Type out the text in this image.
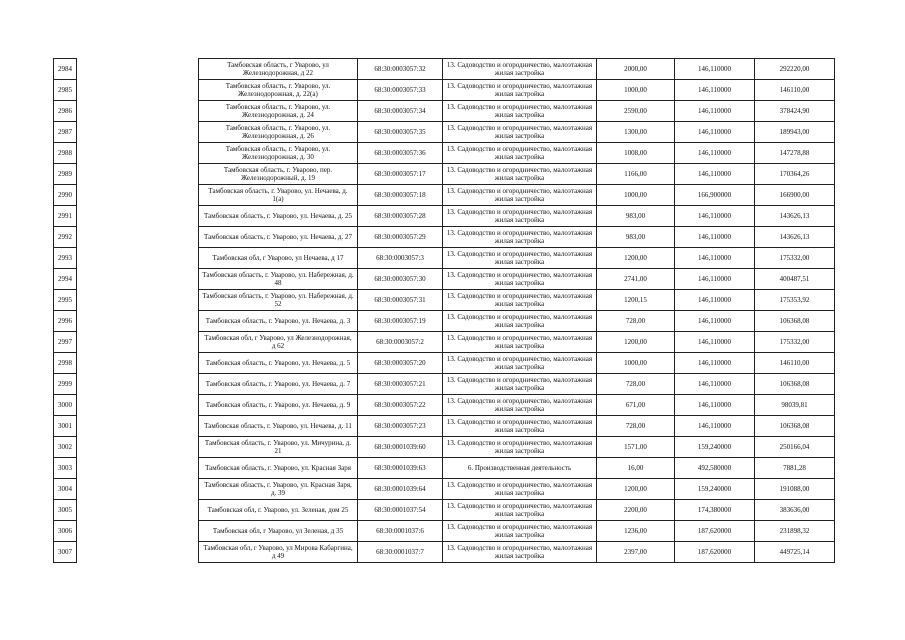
2984		Тамбовская область, г Уварово, ул Железнодорожная, д 22	68:30:0003057:32	13. Садоводство и огородничество, малоэтажная жилая застройка	2000,00	146,110000	292220,00
2985		Тамбовская область, г. Уварово, ул. Железнодорожная, д. 22(а)	68:30:0003057:33	13. Садоводство и огородничество, малоэтажная жилая застройка	1000,00	146,110000	146110,00
2986		Тамбовская область, г. Уварово, ул. Железнодорожная, д. 24	68:30:0003057:34	13. Садоводство и огородничество, малоэтажная жилая застройка	2590,00	146,110000	378424,90
2987		Тамбовская область, г. Уварово, ул. Железнодорожная, д. 26	68:30:0003057:35	13. Садоводство и огородничество, малоэтажная жилая застройка	1300,00	146,110000	189943,00
2988		Тамбовская область, г. Уварово, ул. Железнодорожная, д. 30	68:30:0003057:36	13. Садоводство и огородничество, малоэтажная жилая застройка	1008,00	146,110000	147278,88
2989		Тамбовская область, г. Уварово, пер. Железнодорожный, д. 19	68:30:0003057:17	13. Садоводство и огородничество, малоэтажная жилая застройка	1166,00	146,110000	170364,26
2990		Тамбовская область, г. Уварово, ул. Нечаева, д. 1(а)	68:30:0003057:18	13. Садоводство и огородничество, малоэтажная жилая застройка	1000,00	166,900000	166900,00
2991		Тамбовская область, г. Уварово, ул. Нечаева, д. 25	68:30:0003057:28	13. Садоводство и огородничество, малоэтажная жилая застройка	983,00	146,110000	143626,13
2992		Тамбовская область, г. Уварово, ул. Нечаева, д. 27	68:30:0003057:29	13. Садоводство и огородничество, малоэтажная жилая застройка	983,00	146,110000	143626,13
2993		Тамбовская обл, г Уварово, ул Нечаева, д 17	68:30:0003057:3	13. Садоводство и огородничество, малоэтажная жилая застройка	1200,00	146,110000	175332,00
2994		Тамбовская область, г. Уварово, ул. Набережная, д. 48	68:30:0003057:30	13. Садоводство и огородничество, малоэтажная жилая застройка	2741,00	146,110000	400487,51
2995		Тамбовская область, г. Уварово, ул. Набережная, д. 52	68:30:0003057:31	13. Садоводство и огородничество, малоэтажная жилая застройка	1200,15	146,110000	175353,92
2996		Тамбовская область, г. Уварово, ул. Нечаева, д. 3	68:30:0003057:19	13. Садоводство и огородничество, малоэтажная жилая застройка	728,00	146,110000	106368,08
2997		Тамбовская обл, г Уварово, ул Железнодорожная, д 62	68:30:0003057:2	13. Садоводство и огородничество, малоэтажная жилая застройка	1200,00	146,110000	175332,00
2998		Тамбовская область, г. Уварово, ул. Нечаева, д. 5	68:30:0003057:20	13. Садоводство и огородничество, малоэтажная жилая застройка	1000,00	146,110000	146110,00
2999		Тамбовская область, г. Уварово, ул. Нечаева, д. 7	68:30:0003057:21	13. Садоводство и огородничество, малоэтажная жилая застройка	728,00	146,110000	106368,08
3000		Тамбовская область, г. Уварово, ул. Нечаева, д. 9	68:30:0003057:22	13. Садоводство и огородничество, малоэтажная жилая застройка	671,00	146,110000	98039,81
3001		Тамбовская область, г. Уварово, ул. Нечаева, д. 11	68:30:0003057:23	13. Садоводство и огородничество, малоэтажная жилая застройка	728,00	146,110000	106368,08
3002		Тамбовская область, г. Уварово, ул. Мичурина, д. 21	68:30:0001039:60	13. Садоводство и огородничество, малоэтажная жилая застройка	1571,00	159,240000	250166,04
3003		Тамбовская область, г. Уварово, ул. Красная Заря	68:30:0001039:63	6. Производственная деятельность	16,00	492,580000	7881,28
3004		Тамбовская область, г. Уварово, ул. Красная Заря, д. 39	68:30:0001039:64	13. Садоводство и огородничество, малоэтажная жилая застройка	1200,00	159,240000	191088,00
3005		Тамбовская обл, г. Уварово, ул. Зеленая, дом 25	68:30:0001037:54	13. Садоводство и огородничество, малоэтажная жилая застройка	2200,00	174,380000	383636,00
3006		Тамбовская обл, г Уварово, ул Зеленая, д 35	68:30:0001037:6	13. Садоводство и огородничество, малоэтажная жилая застройка	1236,00	187,620000	231898,32
3007		Тамбовская обл, г Уварово, ул Мирова Кабаргина, д 49	68:30:0001037:7	13. Садоводство и огородничество, малоэтажная жилая застройка	2397,00	187,620000	449725,14
